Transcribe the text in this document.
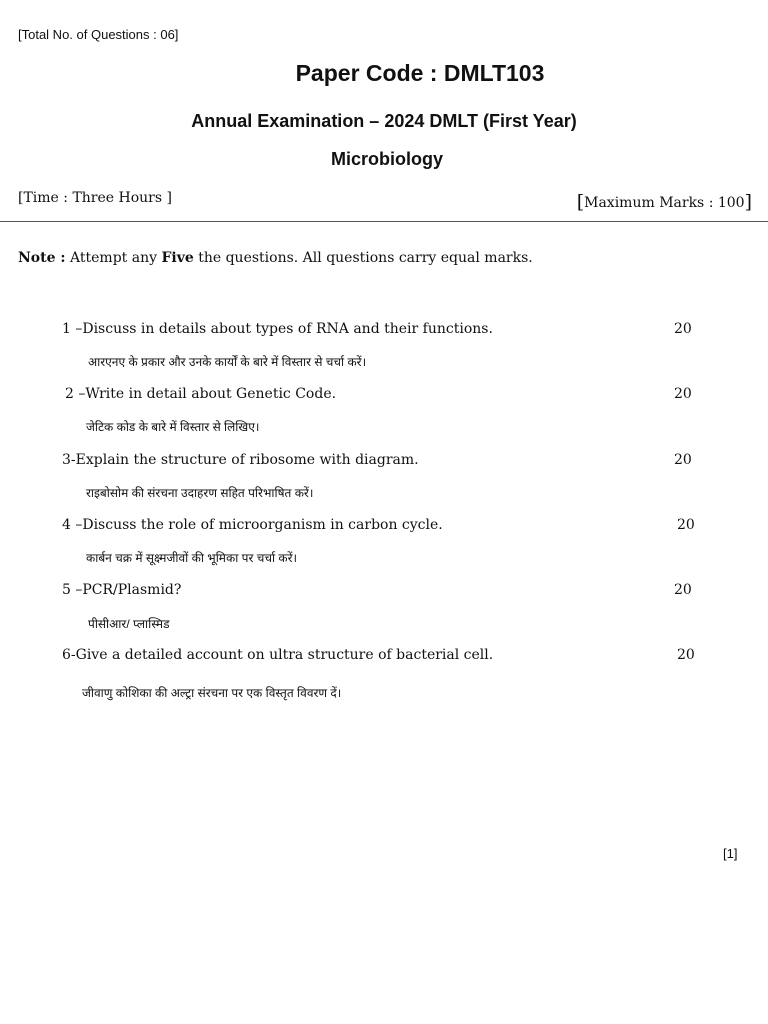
[Total No. of Questions : 06]
Paper Code : DMLT103
Annual Examination – 2024 DMLT (First Year)
Microbiology
[Time : Three Hours ]	[Maximum Marks : 100]
Note : Attempt any Five the questions. All questions carry equal marks.
1 –Discuss in details about types of RNA and their functions.	20
आरएनए के प्रकार और उनके कार्यों के बारे में विस्तार से चर्चा करें।
2 –Write in detail about Genetic Code.	20
जेटिक कोड के बारे में विस्तार से लिखिए।
3-Explain the structure of ribosome with diagram.	20
राइबोसोम की संरचना उदाहरण सहित परिभाषित करें।
4 –Discuss the role of microorganism in carbon cycle.	20
कार्बन चक्र में सूक्ष्मजीवों की भूमिका पर चर्चा करें।
5 –PCR/Plasmid?	20
पीसीआर/ प्लास्मिड
6-Give a detailed account on ultra structure of bacterial cell.	20
जीवाणु कोशिका की अल्ट्रा संरचना पर एक विस्तृत विवरण दें।
[1]
